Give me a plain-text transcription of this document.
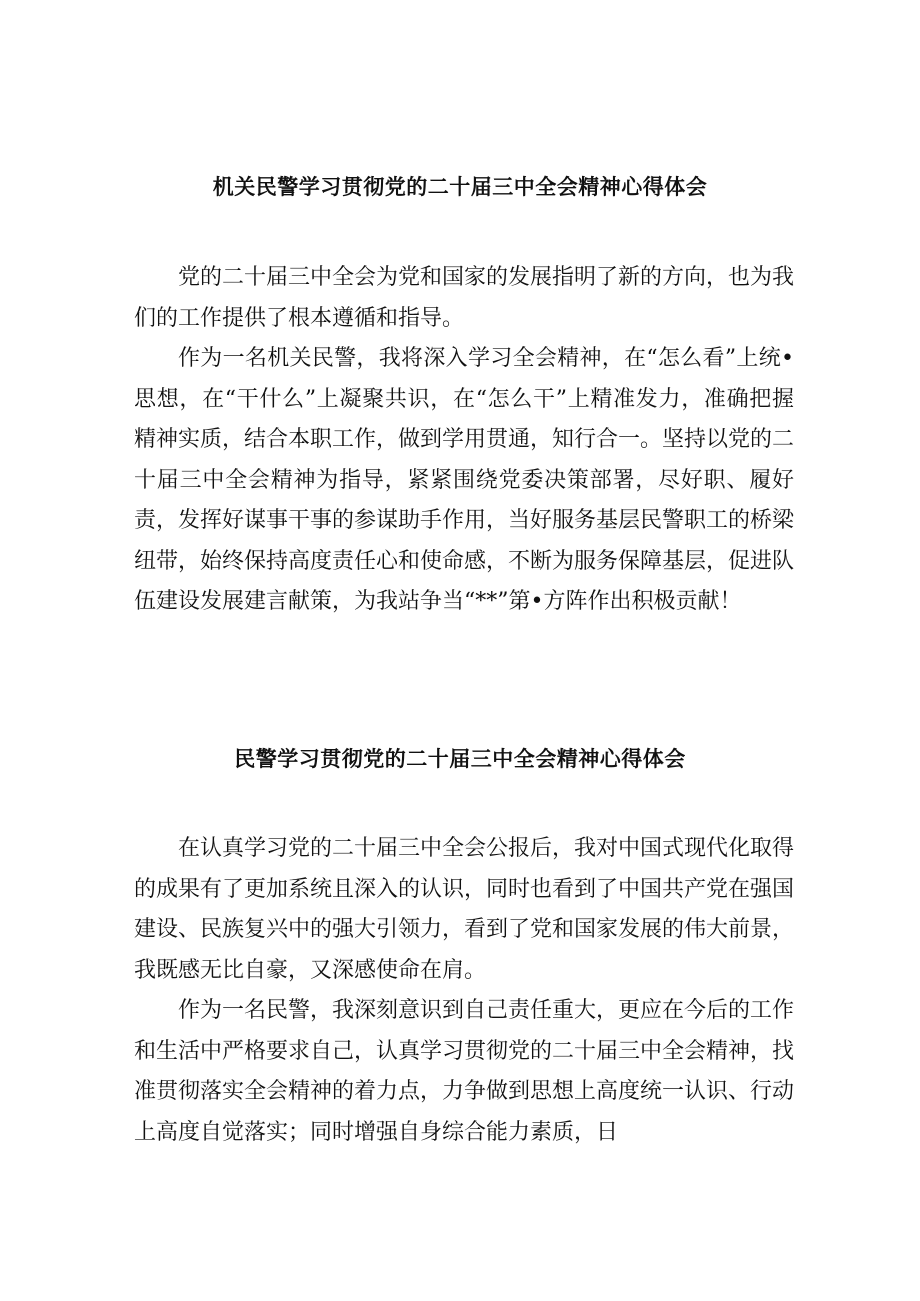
机关民警学习贯彻党的二十届三中全会精神心得体会

党的二十届三中全会为党和国家的发展指明了新的方向，也为我们的工作提供了根本遵循和指导。

作为一名机关民警，我将深入学习全会精神，在“怎么看”上统•思想，在“干什么”上凝聚共识，在“怎么干”上精准发力，准确把握精神实质，结合本职工作，做到学用贯通，知行合一。坚持以党的二十届三中全会精神为指导，紧紧围绕党委决策部署，尽好职、履好责，发挥好谋事干事的参谋助手作用，当好服务基层民警职工的桥梁纽带，始终保持高度责任心和使命感，不断为服务保障基层，促进队伍建设发展建言献策，为我站争当“**”第•方阵作出积极贡献！

民警学习贯彻党的二十届三中全会精神心得体会

在认真学习党的二十届三中全会公报后，我对中国式现代化取得的成果有了更加系统且深入的认识，同时也看到了中国共产党在强国建设、民族复兴中的强大引领力，看到了党和国家发展的伟大前景，我既感无比自豪，又深感使命在肩。

作为一名民警，我深刻意识到自己责任重大，更应在今后的工作和生活中严格要求自己，认真学习贯彻党的二十届三中全会精神，找准贯彻落实全会精神的着力点，力争做到思想上高度统一认识、行动上高度自觉落实；同时增强自身综合能力素质，日
